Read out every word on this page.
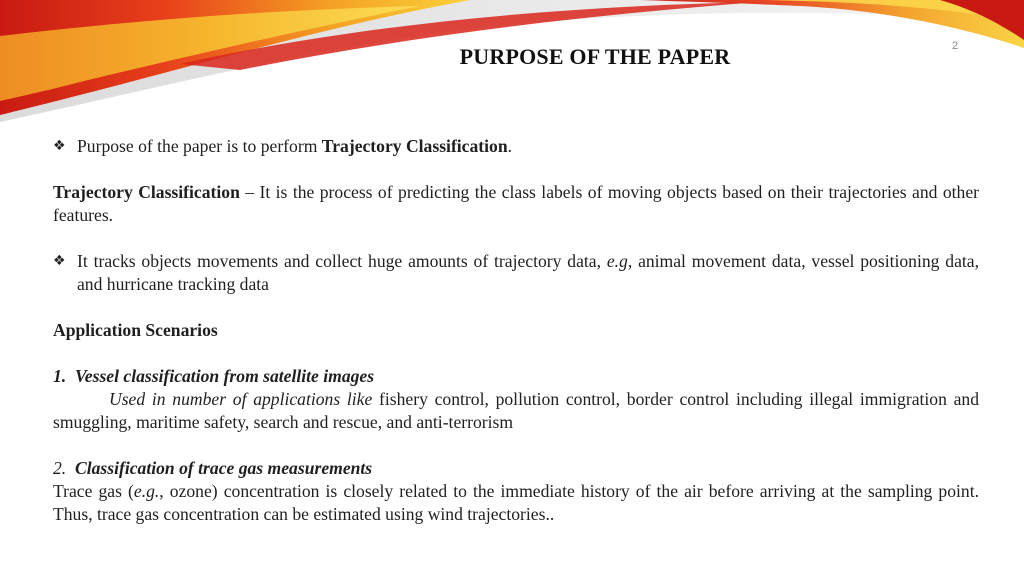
PURPOSE OF THE PAPER	2

❖ Purpose of the paper is to perform Trajectory Classification.

Trajectory Classification – It is the process of predicting the class labels of moving objects based on their trajectories and other features.

❖ It tracks objects movements and collect huge amounts of trajectory data, e.g, animal movement data, vessel positioning data, and hurricane tracking data

Application Scenarios

1. Vessel classification from satellite images

Used in number of applications like fishery control, pollution control, border control including illegal immigration and smuggling, maritime safety, search and rescue, and anti-terrorism

2. Classification of trace gas measurements

Trace gas (e.g., ozone) concentration is closely related to the immediate history of the air before arriving at the sampling point. Thus, trace gas concentration can be estimated using wind trajectories..
